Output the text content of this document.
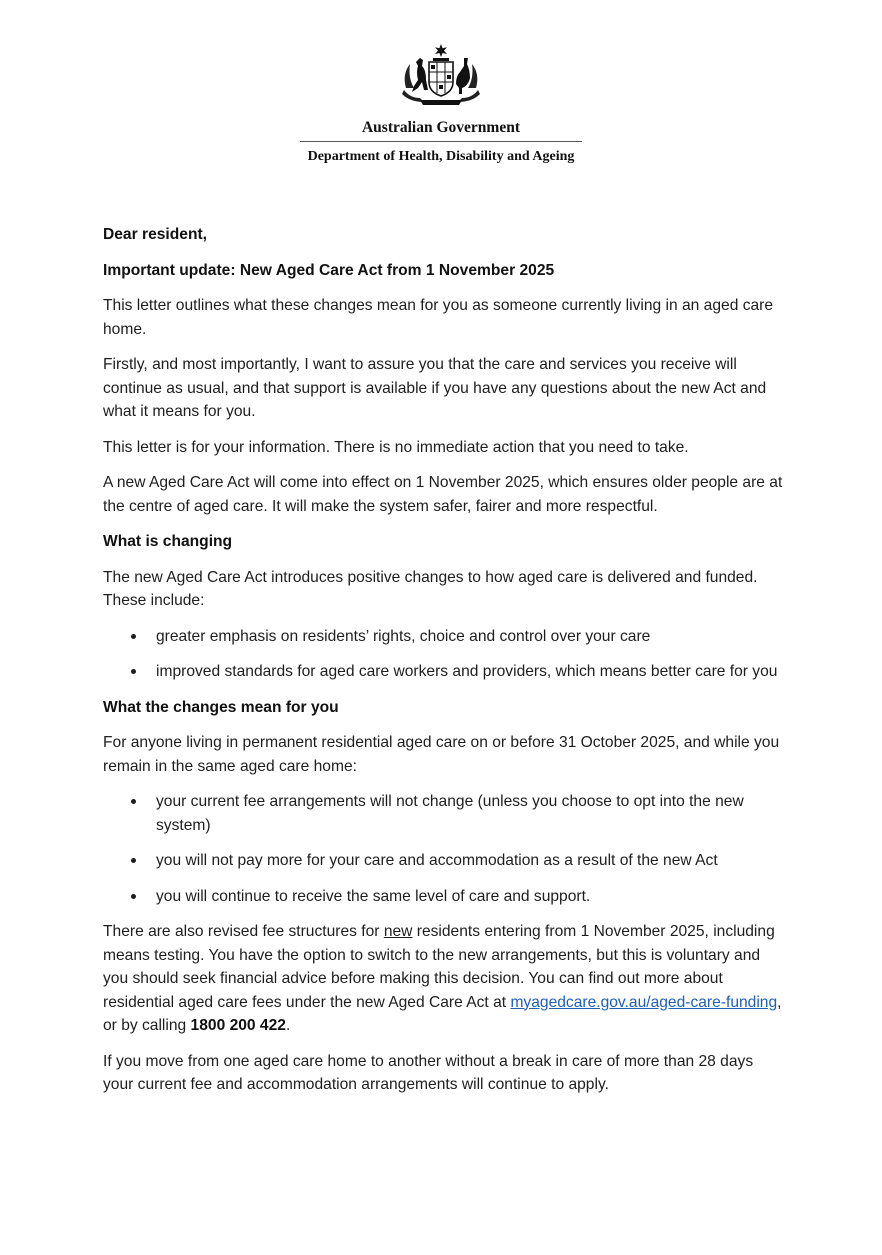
Australian Government
Department of Health, Disability and Ageing

Dear resident,

Important update: New Aged Care Act from 1 November 2025

This letter outlines what these changes mean for you as someone currently living in an aged care home.

Firstly, and most importantly, I want to assure you that the care and services you receive will continue as usual, and that support is available if you have any questions about the new Act and what it means for you.

This letter is for your information. There is no immediate action that you need to take.

A new Aged Care Act will come into effect on 1 November 2025, which ensures older people are at the centre of aged care. It will make the system safer, fairer and more respectful.

What is changing

The new Aged Care Act introduces positive changes to how aged care is delivered and funded. These include:

greater emphasis on residents’ rights, choice and control over your care
improved standards for aged care workers and providers, which means better care for you

What the changes mean for you

For anyone living in permanent residential aged care on or before 31 October 2025, and while you remain in the same aged care home:

your current fee arrangements will not change (unless you choose to opt into the new system)
you will not pay more for your care and accommodation as a result of the new Act
you will continue to receive the same level of care and support.

There are also revised fee structures for new residents entering from 1 November 2025, including means testing. You have the option to switch to the new arrangements, but this is voluntary and you should seek financial advice before making this decision. You can find out more about residential aged care fees under the new Aged Care Act at myagedcare.gov.au/aged-care-funding, or by calling 1800 200 422.

If you move from one aged care home to another without a break in care of more than 28 days your current fee and accommodation arrangements will continue to apply.
